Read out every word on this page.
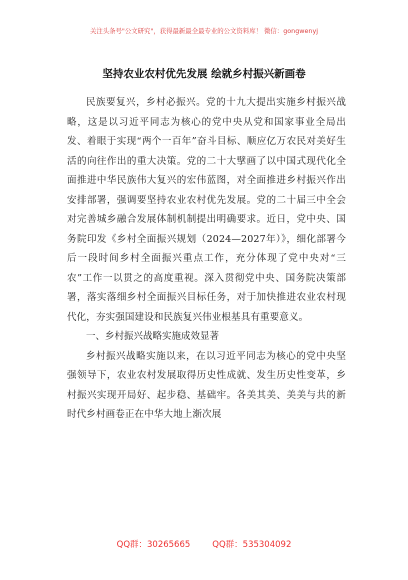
关注头条号"公文研究"，获得最新最全最专业的公文资料库！ 微信：gongwenyj
坚持农业农村优先发展 绘就乡村振兴新画卷

民族要复兴，乡村必振兴。党的十九大提出实施乡村振兴战略，这是以习近平同志为核心的党中央从党和国家事业全局出发、着眼于实现“两个一百年”奋斗目标、顺应亿万农民对美好生活的向往作出的重大决策。党的二十大擘画了以中国式现代化全面推进中华民族伟大复兴的宏伟蓝图，对全面推进乡村振兴作出安排部署，强调要坚持农业农村优先发展。党的二十届三中全会对完善城乡融合发展体制机制提出明确要求。近日，党中央、国务院印发《乡村全面振兴规划（2024—2027年）》，细化部署今后一段时间乡村全面振兴重点工作，充分体现了党中央对“三农”工作一以贯之的高度重视。深入贯彻党中央、国务院决策部署，落实落细乡村全面振兴目标任务，对于加快推进农业农村现代化，夯实强国建设和民族复兴伟业根基具有重要意义。

一、乡村振兴战略实施成效显著

乡村振兴战略实施以来，在以习近平同志为核心的党中央坚强领导下，农业农村发展取得历史性成就、发生历史性变革，乡村振兴实现开局好、起步稳、基础牢。各美其美、美美与共的新时代乡村画卷正在中华大地上渐次展

QQ群：30265665	QQ群：535304092
